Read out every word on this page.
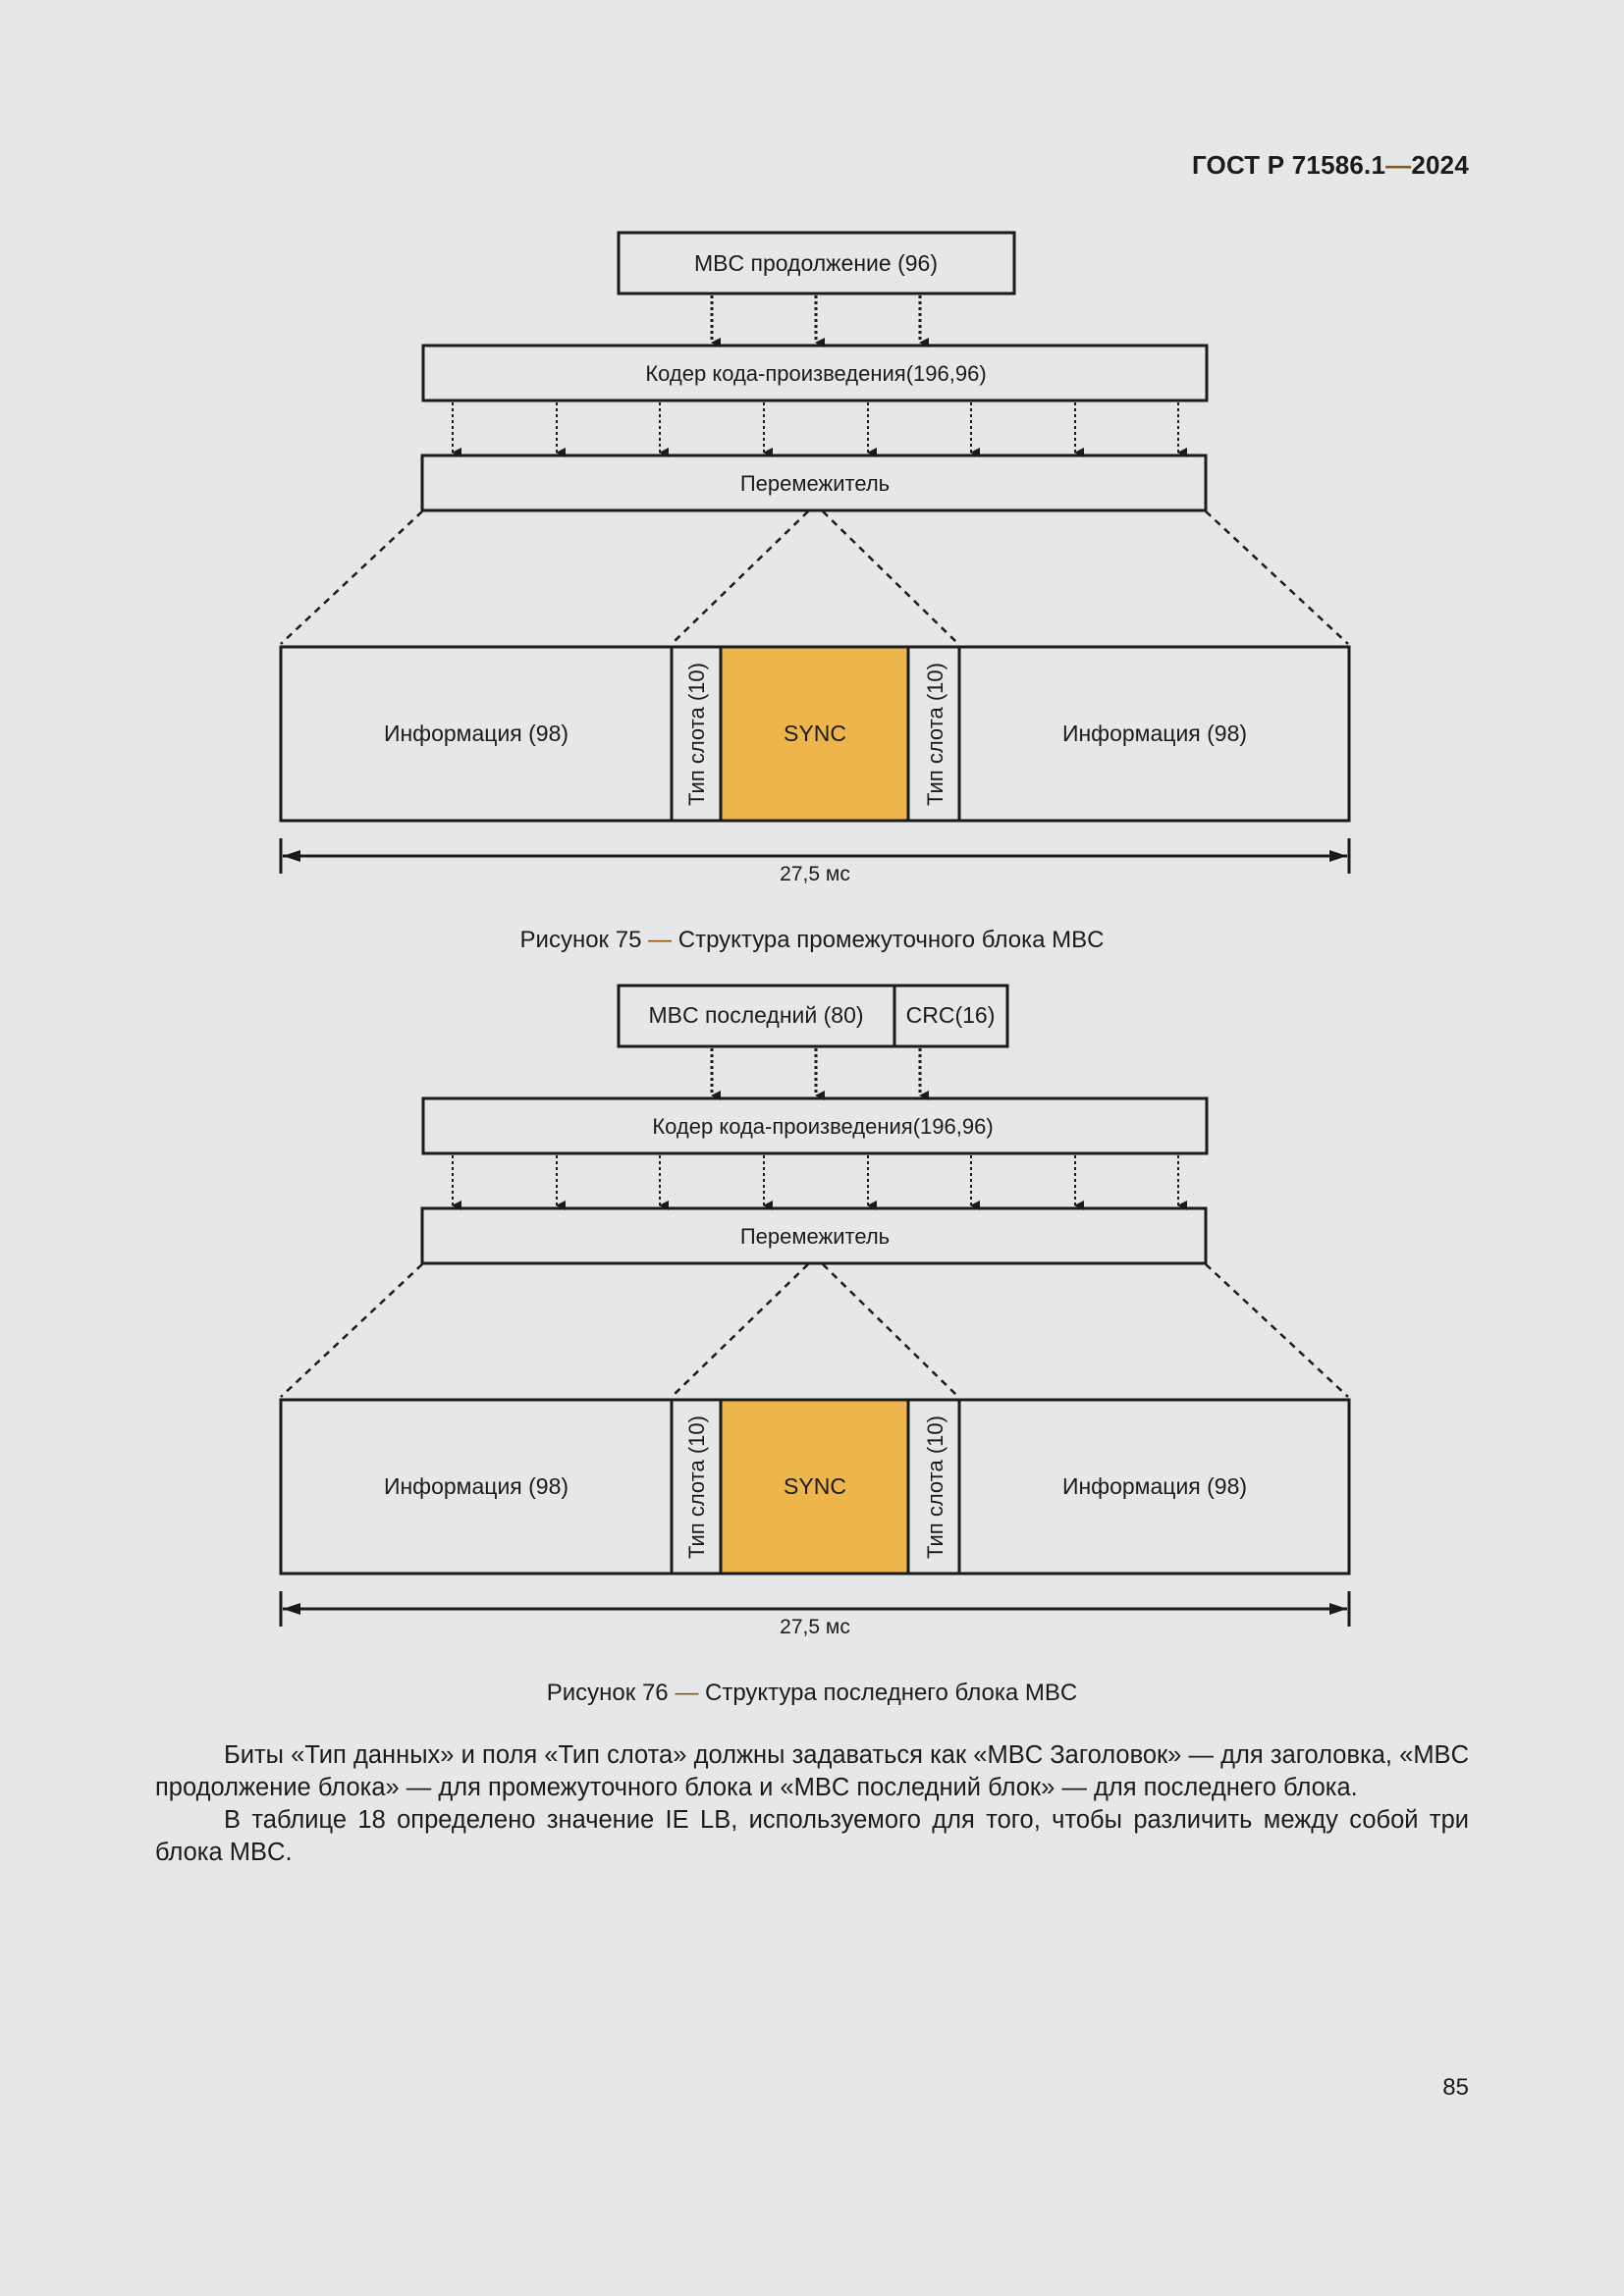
ГОСТ Р 71586.1—2024
MBC продолжение (96)
Кодер кода-произведения(196,96)
Перемежитель
Информация (98)	Тип слота (10)	SYNC	Тип слота (10)	Информация (98)
27,5 мс
MBC последний (80) CRC(16)
Кодер кода-произведения(196,96)
Перемежитель
Информация (98)	Тип слота (10)	SYNC	Тип слота (10)	Информация (98)
27,5 мс
Рисунок 75 — Структура промежуточного блока MBC
Рисунок 76 — Структура последнего блока MBC

Биты «Тип данных» и поля «Тип слота» должны задаваться как «MBC Заголовок» — для заголовка, «MBC продолжение блока» — для промежуточного блока и «MBC последний блок» — для последнего блока.

В таблице 18 определено значение IE LB, используемого для того, чтобы различить между собой три блока MBC.

85
